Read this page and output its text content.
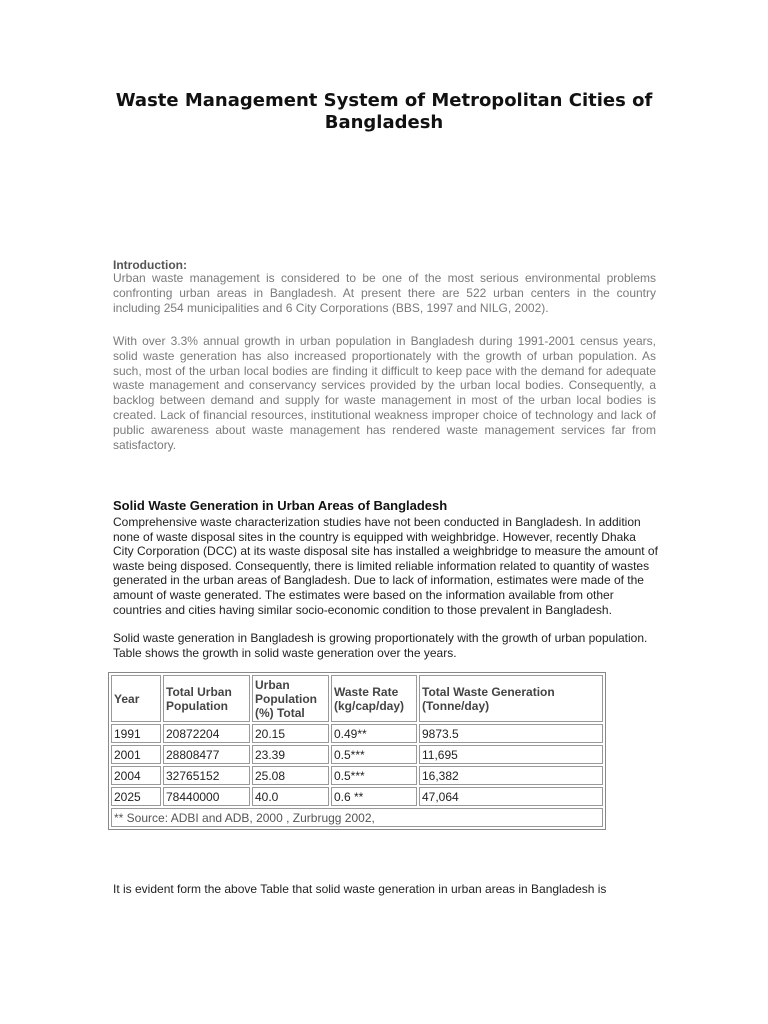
Waste Management System of Metropolitan Cities of Bangladesh
Introduction:
Urban waste management is considered to be one of the most serious environmental problems confronting urban areas in Bangladesh. At present there are 522 urban centers in the country including 254 municipalities and 6 City Corporations (BBS, 1997 and NILG, 2002).
With over 3.3% annual growth in urban population in Bangladesh during 1991-2001 census years, solid waste generation has also increased proportionately with the growth of urban population. As such, most of the urban local bodies are finding it difficult to keep pace with the demand for adequate waste management and conservancy services provided by the urban local bodies. Consequently, a backlog between demand and supply for waste management in most of the urban local bodies is created. Lack of financial resources, institutional weakness improper choice of technology and lack of public awareness about waste management has rendered waste management services far from satisfactory.
Solid Waste Generation in Urban Areas of Bangladesh
Comprehensive waste characterization studies have not been conducted in Bangladesh. In addition none of waste disposal sites in the country is equipped with weighbridge. However, recently Dhaka City Corporation (DCC) at its waste disposal site has installed a weighbridge to measure the amount of waste being disposed. Consequently, there is limited reliable information related to quantity of wastes generated in the urban areas of Bangladesh. Due to lack of information, estimates were made of the amount of waste generated. The estimates were based on the information available from other countries and cities having similar socio-economic condition to those prevalent in Bangladesh.
Solid waste generation in Bangladesh is growing proportionately with the growth of urban population. Table shows the growth in solid waste generation over the years.
Year	Total Urban Population	Urban Population (%) Total	Waste Rate (kg/cap/day)	Total Waste Generation (Tonne/day)
1991	20872204	20.15	0.49**	9873.5
2001	28808477	23.39	0.5***	11,695
2004	32765152	25.08	0.5***	16,382
2025	78440000	40.0	0.6 **	47,064
** Source: ADBI and ADB, 2000 , Zurbrugg 2002,				
It is evident form the above Table that solid waste generation in urban areas in Bangladesh is
